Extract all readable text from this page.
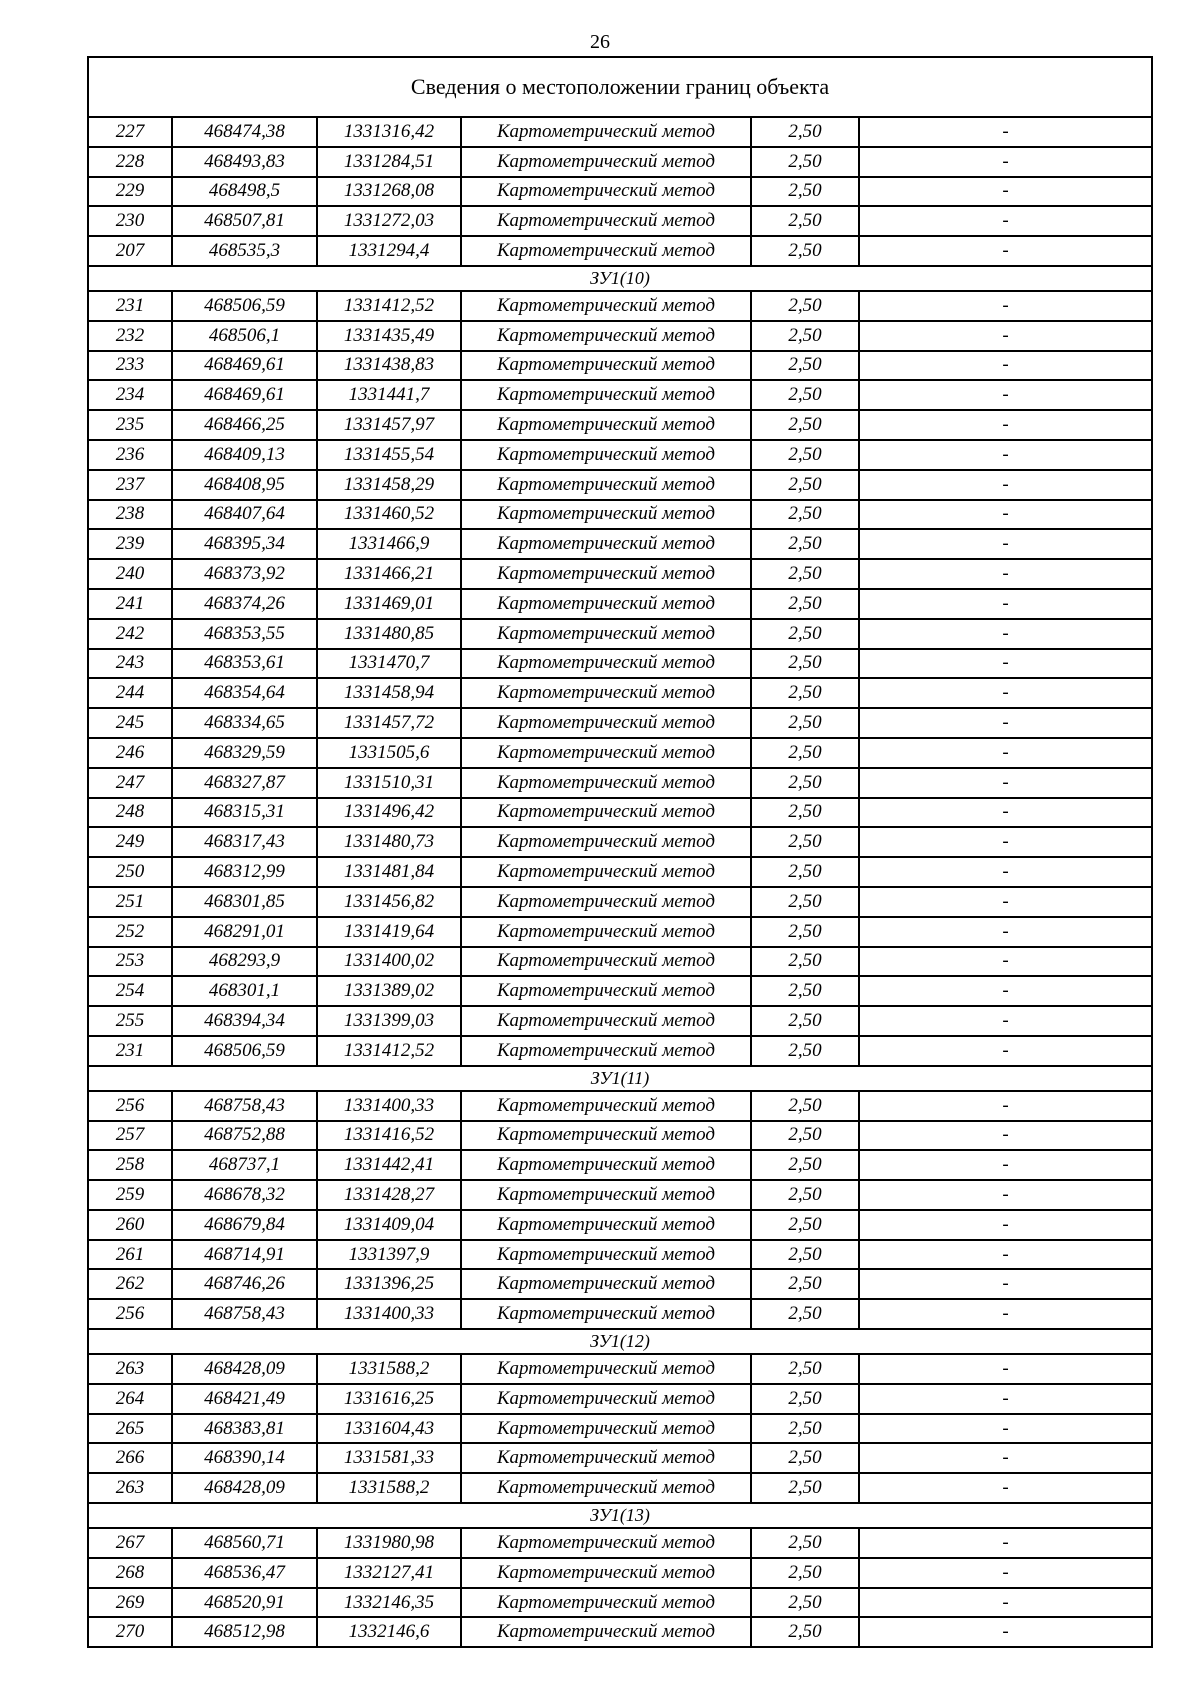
26
Сведения о местоположении границ объекта					
227	468474,38	1331316,42	Картометрический метод	2,50	-
228	468493,83	1331284,51	Картометрический метод	2,50	-
229	468498,5	1331268,08	Картометрический метод	2,50	-
230	468507,81	1331272,03	Картометрический метод	2,50	-
207	468535,3	1331294,4	Картометрический метод	2,50	-
ЗУ1(10)					
231	468506,59	1331412,52	Картометрический метод	2,50	-
232	468506,1	1331435,49	Картометрический метод	2,50	-
233	468469,61	1331438,83	Картометрический метод	2,50	-
234	468469,61	1331441,7	Картометрический метод	2,50	-
235	468466,25	1331457,97	Картометрический метод	2,50	-
236	468409,13	1331455,54	Картометрический метод	2,50	-
237	468408,95	1331458,29	Картометрический метод	2,50	-
238	468407,64	1331460,52	Картометрический метод	2,50	-
239	468395,34	1331466,9	Картометрический метод	2,50	-
240	468373,92	1331466,21	Картометрический метод	2,50	-
241	468374,26	1331469,01	Картометрический метод	2,50	-
242	468353,55	1331480,85	Картометрический метод	2,50	-
243	468353,61	1331470,7	Картометрический метод	2,50	-
244	468354,64	1331458,94	Картометрический метод	2,50	-
245	468334,65	1331457,72	Картометрический метод	2,50	-
246	468329,59	1331505,6	Картометрический метод	2,50	-
247	468327,87	1331510,31	Картометрический метод	2,50	-
248	468315,31	1331496,42	Картометрический метод	2,50	-
249	468317,43	1331480,73	Картометрический метод	2,50	-
250	468312,99	1331481,84	Картометрический метод	2,50	-
251	468301,85	1331456,82	Картометрический метод	2,50	-
252	468291,01	1331419,64	Картометрический метод	2,50	-
253	468293,9	1331400,02	Картометрический метод	2,50	-
254	468301,1	1331389,02	Картометрический метод	2,50	-
255	468394,34	1331399,03	Картометрический метод	2,50	-
231	468506,59	1331412,52	Картометрический метод	2,50	-
ЗУ1(11)					
256	468758,43	1331400,33	Картометрический метод	2,50	-
257	468752,88	1331416,52	Картометрический метод	2,50	-
258	468737,1	1331442,41	Картометрический метод	2,50	-
259	468678,32	1331428,27	Картометрический метод	2,50	-
260	468679,84	1331409,04	Картометрический метод	2,50	-
261	468714,91	1331397,9	Картометрический метод	2,50	-
262	468746,26	1331396,25	Картометрический метод	2,50	-
256	468758,43	1331400,33	Картометрический метод	2,50	-
ЗУ1(12)					
263	468428,09	1331588,2	Картометрический метод	2,50	-
264	468421,49	1331616,25	Картометрический метод	2,50	-
265	468383,81	1331604,43	Картометрический метод	2,50	-
266	468390,14	1331581,33	Картометрический метод	2,50	-
263	468428,09	1331588,2	Картометрический метод	2,50	-
ЗУ1(13)					
267	468560,71	1331980,98	Картометрический метод	2,50	-
268	468536,47	1332127,41	Картометрический метод	2,50	-
269	468520,91	1332146,35	Картометрический метод	2,50	-
270	468512,98	1332146,6	Картометрический метод	2,50	-
